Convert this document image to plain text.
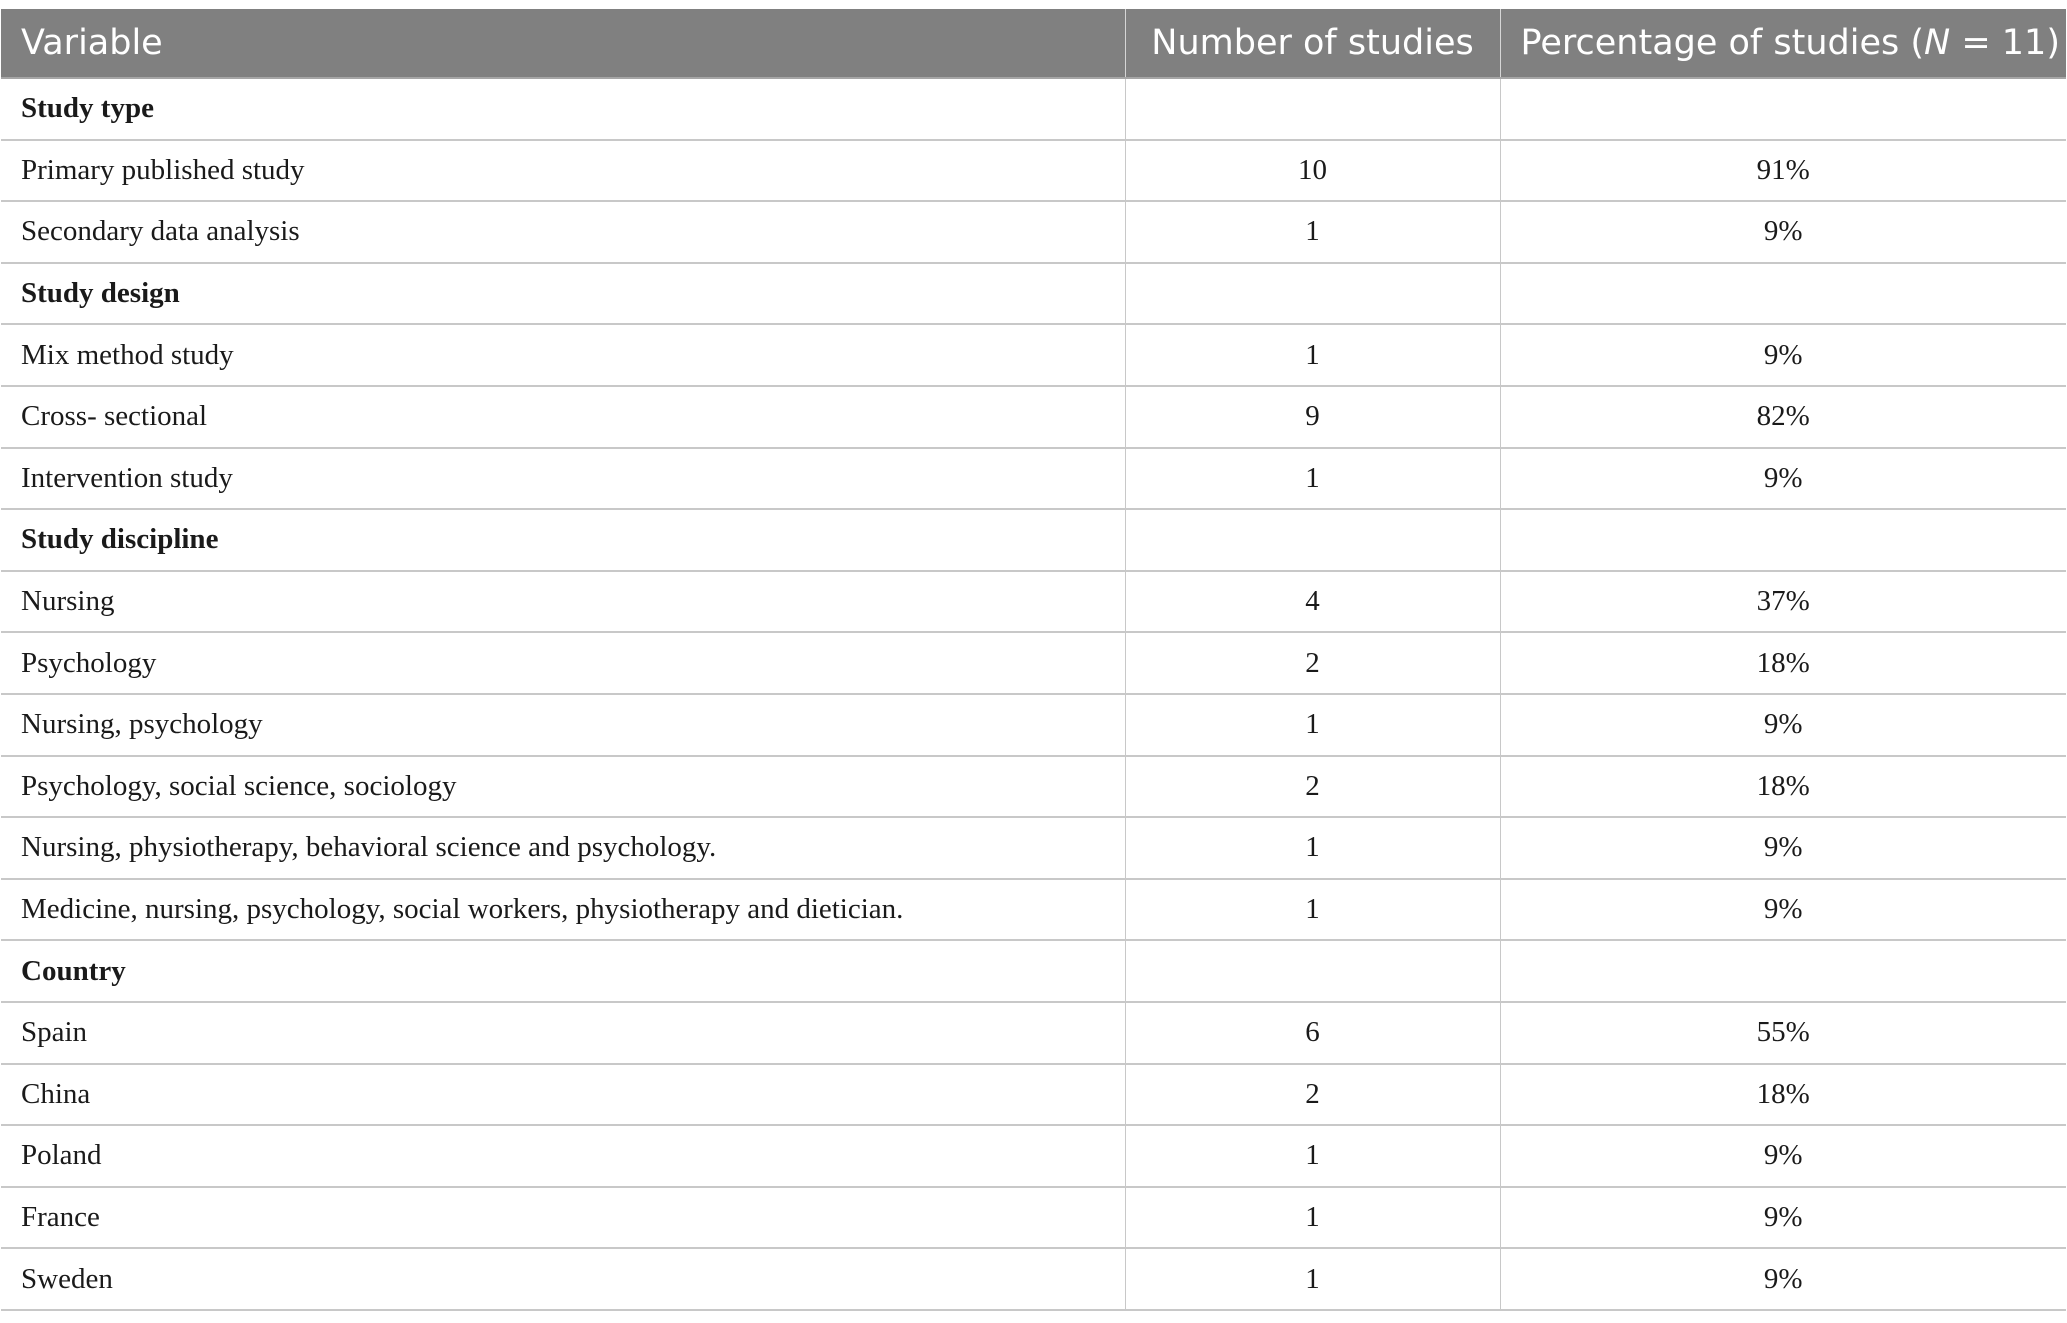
Variable	Number of studies	Percentage of studies (N = 11)
Study type		
Primary published study	10	91%
Secondary data analysis	1	9%
Study design		
Mix method study	1	9%
Cross- sectional	9	82%
Intervention study	1	9%
Study discipline		
Nursing	4	37%
Psychology	2	18%
Nursing, psychology	1	9%
Psychology, social science, sociology	2	18%
Nursing, physiotherapy, behavioral science and psychology.	1	9%
Medicine, nursing, psychology, social workers, physiotherapy and dietician.	1	9%
Country		
Spain	6	55%
China	2	18%
Poland	1	9%
France	1	9%
Sweden	1	9%
